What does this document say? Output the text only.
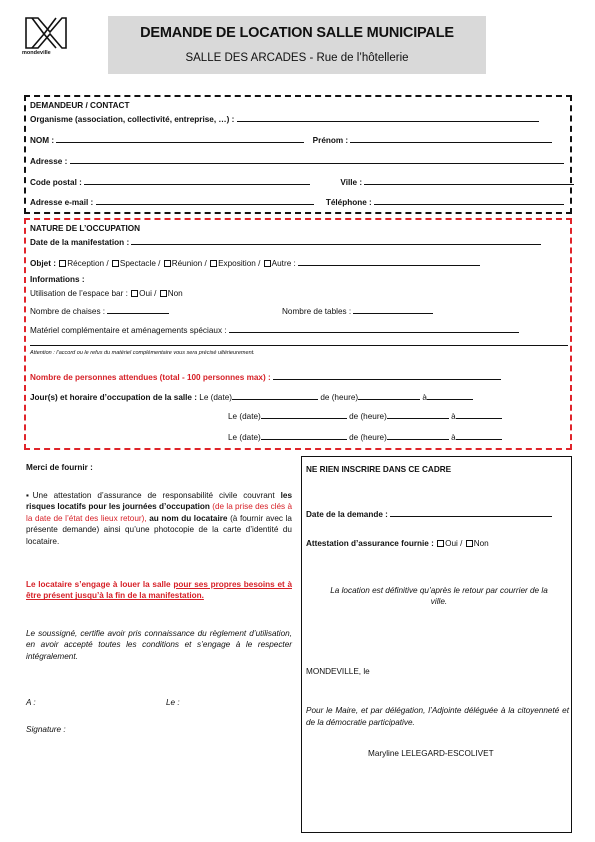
mondeville
DEMANDE DE LOCATION SALLE MUNICIPALE
SALLE DES ARCADES - Rue de l’hôtellerie
DEMANDEUR / CONTACT
Organisme (association, collectivité, entreprise, …) :
NOM :	Prénom :
Adresse :
Code postal :	Ville :
Adresse e-mail :	Téléphone :
NATURE DE L’OCCUPATION
Date de la manifestation :
Objet : Réception / Spectacle / Réunion / Exposition / Autre :
Informations :
Utilisation de l’espace bar : Oui / Non
Nombre de chaises :	Nombre de tables :
Matériel complémentaire et aménagements spéciaux :
Attention : l’accord ou le refus du matériel complémentaire vous sera précisé ultérieurement.
Nombre de personnes attendues (total - 100 personnes max) :
Jour(s) et horaire d’occupation de la salle : Le (date)	de (heure)	à
Le (date)	de (heure)	à
Le (date)	de (heure)	à
Merci de fournir :
▪Une attestation d’assurance de responsabilité civile couvrant les risques locatifs pour les journées d’occupation (de la prise des clés à la date de l’état des lieux retour), au nom du locataire (à fournir avec la présente demande) ainsi qu’une photocopie de la carte d’identité du locataire.
Le locataire s’engage à louer la salle pour ses propres besoins et à être présent jusqu’à la fin de la manifestation.
Le soussigné, certifie avoir pris connaissance du règlement d’utilisation, en avoir accepté toutes les conditions et s’engage à le respecter intégralement.
A :	Le :
Signature :
NE RIEN INSCRIRE DANS CE CADRE
Date de la demande :
Attestation d’assurance fournie : Oui / Non
La location est définitive qu’après le retour par courrier de la ville.
MONDEVILLE, le
Pour le Maire, et par délégation, l’Adjointe déléguée à la citoyenneté et de la démocratie participative.
Maryline LELEGARD-ESCOLIVET
